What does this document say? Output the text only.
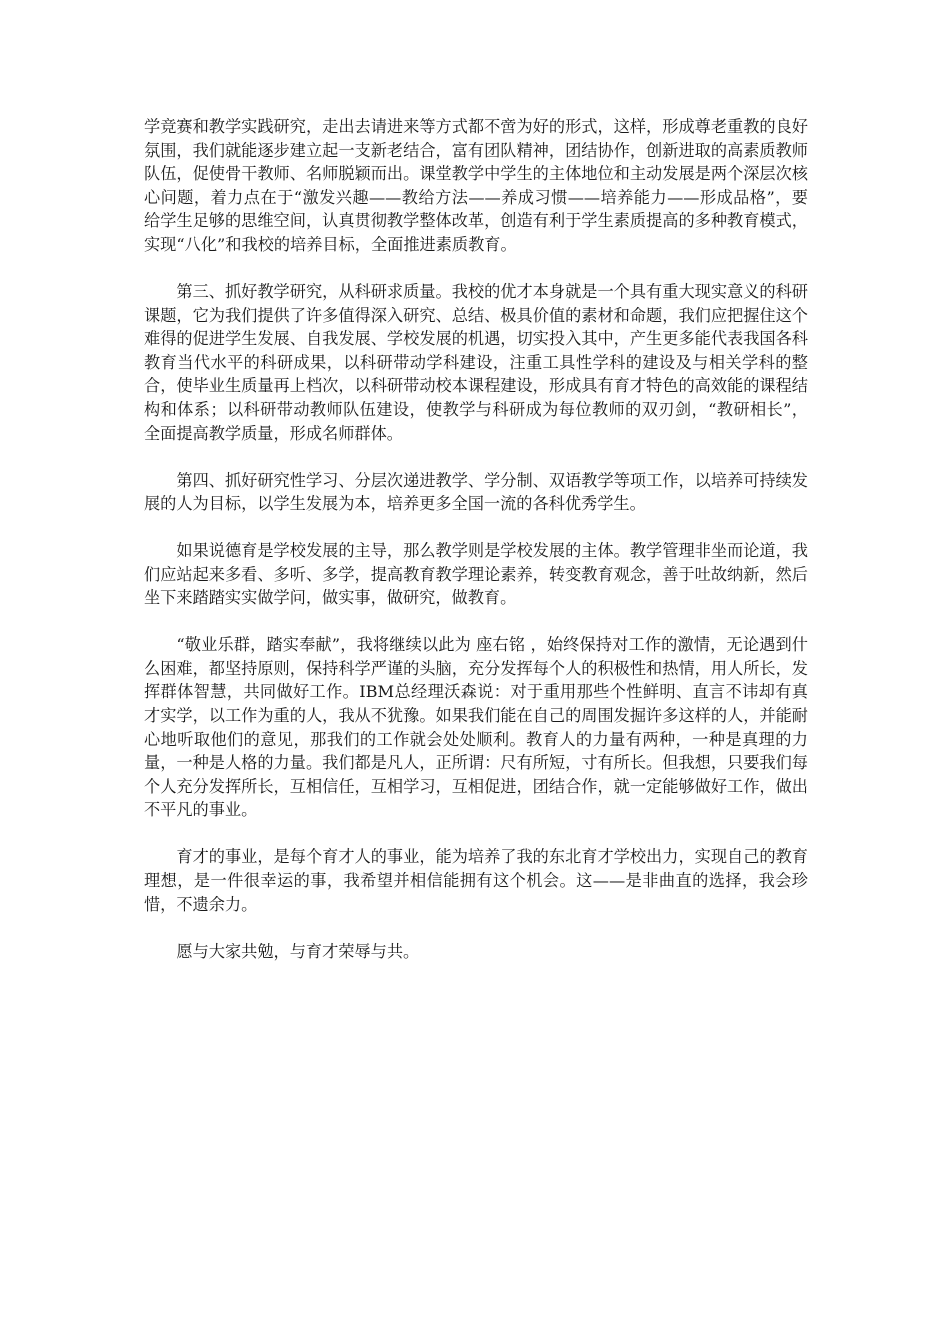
学竞赛和教学实践研究，走出去请进来等方式都不啻为好的形式，这样，形成尊老重教的良好氛围，我们就能逐步建立起一支新老结合，富有团队精神，团结协作，创新进取的高素质教师队伍，促使骨干教师、名师脱颖而出。课堂教学中学生的主体地位和主动发展是两个深层次核心问题，着力点在于“激发兴趣——教给方法——养成习惯——培养能力——形成品格”，要给学生足够的思维空间，认真贯彻教学整体改革，创造有利于学生素质提高的多种教育模式，实现“八化”和我校的培养目标，全面推进素质教育。

第三、抓好教学研究，从科研求质量。我校的优才本身就是一个具有重大现实意义的科研课题，它为我们提供了许多值得深入研究、总结、极具价值的素材和命题，我们应把握住这个难得的促进学生发展、自我发展、学校发展的机遇，切实投入其中，产生更多能代表我国各科教育当代水平的科研成果，以科研带动学科建设，注重工具性学科的建设及与相关学科的整合，使毕业生质量再上档次，以科研带动校本课程建设，形成具有育才特色的高效能的课程结构和体系；以科研带动教师队伍建设，使教学与科研成为每位教师的双刃剑，“教研相长”，全面提高教学质量，形成名师群体。

第四、抓好研究性学习、分层次递进教学、学分制、双语教学等项工作，以培养可持续发展的人为目标，以学生发展为本，培养更多全国一流的各科优秀学生。

如果说德育是学校发展的主导，那么教学则是学校发展的主体。教学管理非坐而论道，我们应站起来多看、多听、多学，提高教育教学理论素养，转变教育观念，善于吐故纳新，然后坐下来踏踏实实做学问，做实事，做研究，做教育。

“敬业乐群，踏实奉献”，我将继续以此为 座右铭 ，始终保持对工作的激情，无论遇到什么困难，都坚持原则，保持科学严谨的头脑，充分发挥每个人的积极性和热情，用人所长，发挥群体智慧，共同做好工作。IBM总经理沃森说：对于重用那些个性鲜明、直言不讳却有真才实学，以工作为重的人，我从不犹豫。如果我们能在自己的周围发掘许多这样的人，并能耐心地听取他们的意见，那我们的工作就会处处顺利。教育人的力量有两种，一种是真理的力量，一种是人格的力量。我们都是凡人，正所谓：尺有所短，寸有所长。但我想，只要我们每个人充分发挥所长，互相信任，互相学习，互相促进，团结合作，就一定能够做好工作，做出不平凡的事业。

育才的事业，是每个育才人的事业，能为培养了我的东北育才学校出力，实现自己的教育理想，是一件很幸运的事，我希望并相信能拥有这个机会。这——是非曲直的选择，我会珍惜，不遗余力。

愿与大家共勉，与育才荣辱与共。
